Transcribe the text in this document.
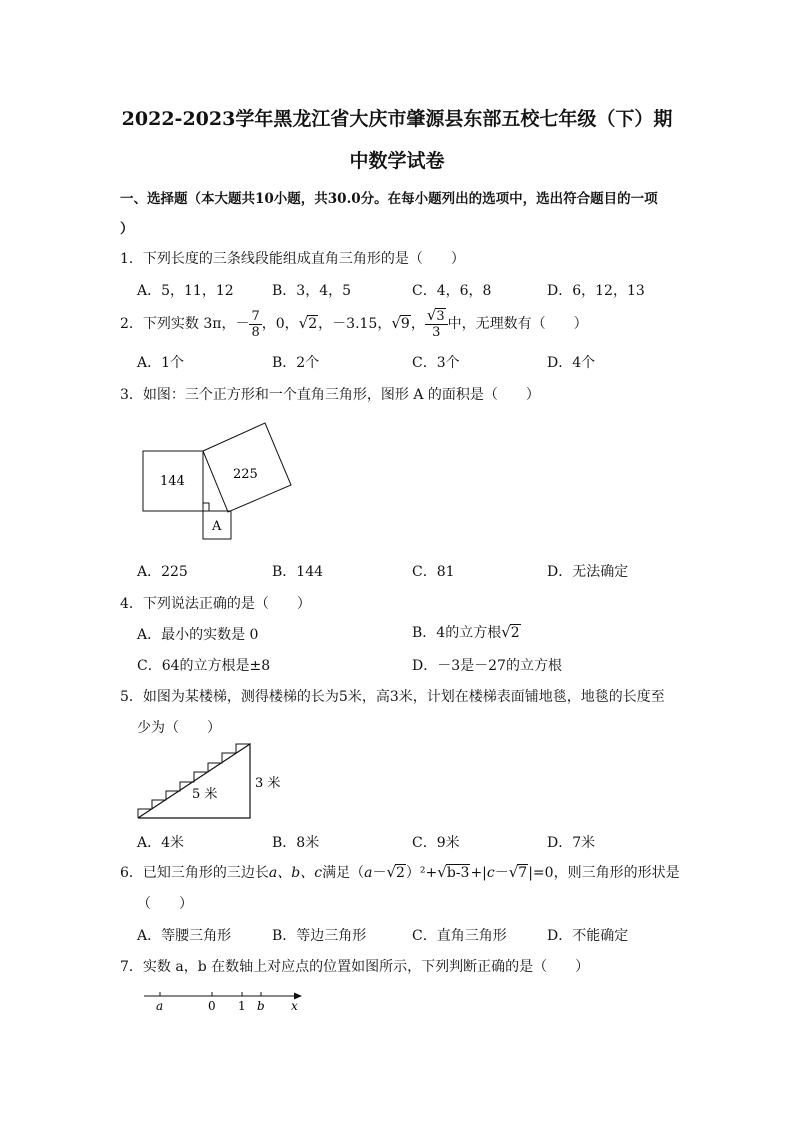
2022-2023学年黑龙江省大庆市肇源县东部五校七年级（下）期
中数学试卷
一、选择题（本大题共10小题，共30.0分。在每小题列出的选项中，选出符合题目的一项
）
1．下列长度的三条线段能组成直角三角形的是（　　）
A．5，11，12	B．3，4，5	C．4，6，8	D．6，12，13
2．下列实数 3π，－ $\frac{7}{8}$ ，0，√2，－3.15，√9， $\frac{√3}{3}$ 中，无理数有（　　）
A．1个	B．2个	C．3个	D．4个
3．如图：三个正方形和一个直角三角形，图形 A 的面积是（　　）
144	225
A
A．225	B．144	C．81	D．无法确定
4．下列说法正确的是（　　）
A．最小的实数是 0	B．4的立方根√2
C．64的立方根是±8	D．－3是－27的立方根
5．如图为某楼梯，测得楼梯的长为5米，高3米，计划在楼梯表面铺地毯，地毯的长度至
少为（　　）
5 米
3 米
A．4米	B．8米	C．9米	D．7米
6．已知三角形的三边长a、b、c满足（a－√2）²+√b-3+|c－√7|=0，则三角形的形状是
（　　）
A．等腰三角形	B．等边三角形	C．直角三角形	D．不能确定
7．实数 a，b 在数轴上对应点的位置如图所示，下列判断正确的是（　　）
a	0 1 b x
